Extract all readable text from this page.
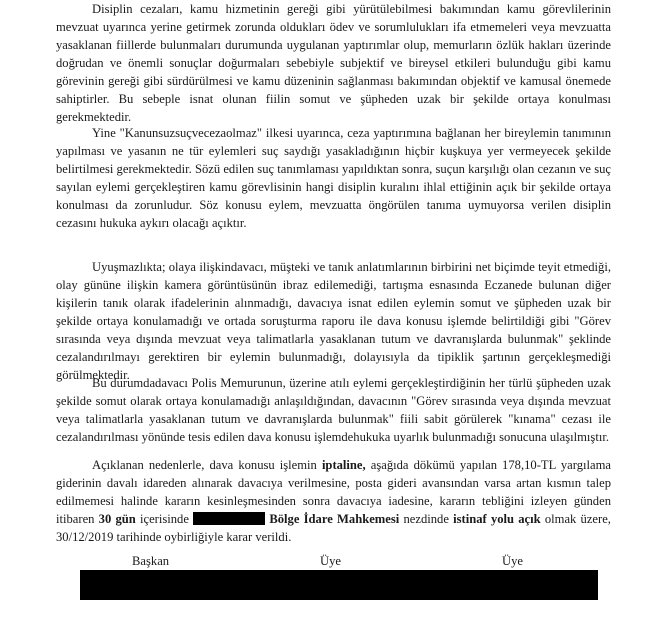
Disiplin cezaları, kamu hizmetinin gereği gibi yürütülebilmesi bakımından kamu görevlilerinin mevzuat uyarınca yerine getirmek zorunda oldukları ödev ve sorumlulukları ifa etmemeleri veya mevzuatta yasaklanan fiillerde bulunmaları durumunda uygulanan yaptırımlar olup, memurların özlük hakları üzerinde doğrudan ve önemli sonuçlar doğurmaları sebebiyle subjektif ve bireysel etkileri bulunduğu gibi kamu görevinin gereği gibi sürdürülmesi ve kamu düzeninin sağlanması bakımından objektif ve kamusal önemede sahiptirler. Bu sebeple isnat olunan fiilin somut ve şüpheden uzak bir şekilde ortaya konulması gerekmektedir.

Yine "Kanunsuzsuçvecezaolmaz" ilkesi uyarınca, ceza yaptırımına bağlanan her bireylemin tanımının yapılması ve yasanın ne tür eylemleri suç saydığı yasakladığının hiçbir kuşkuya yer vermeyecek şekilde belirtilmesi gerekmektedir. Sözü edilen suç tanımlaması yapıldıktan sonra, suçun karşılığı olan cezanın ve suç sayılan eylemi gerçekleştiren kamu görevlisinin hangi disiplin kuralını ihlal ettiğinin açık bir şekilde ortaya konulması da zorunludur. Söz konusu eylem, mevzuatta öngörülen tanıma uymuyorsa verilen disiplin cezasını hukuka aykırı olacağı açıktır.

Uyuşmazlıkta; olaya ilişkindavacı, müşteki ve tanık anlatımlarının birbirini net biçimde teyit etmediği, olay gününe ilişkin kamera görüntüsünün ibraz edilemediği, tartışma esnasında Eczanede bulunan diğer kişilerin tanık olarak ifadelerinin alınmadığı, davacıya isnat edilen eylemin somut ve şüpheden uzak bir şekilde ortaya konulamadığı ve ortada soruşturma raporu ile dava konusu işlemde belirtildiği gibi "Görev sırasında veya dışında mevzuat veya talimatlarla yasaklanan tutum ve davranışlarda bulunmak" şeklinde cezalandırılmayı gerektiren bir eylemin bulunmadığı, dolayısıyla da tipiklik şartının gerçekleşmediği görülmektedir.

Bu durumdadavacı Polis Memurunun, üzerine atılı eylemi gerçekleştirdiğinin her türlü şüpheden uzak şekilde somut olarak ortaya konulamadığı anlaşıldığından, davacının "Görev sırasında veya dışında mevzuat veya talimatlarla yasaklanan tutum ve davranışlarda bulunmak" fiili sabit görülerek "kınama" cezası ile cezalandırılması yönünde tesis edilen dava konusu işlemdehukuka uyarlık bulunmadığı sonucuna ulaşılmıştır.

Açıklanan nedenlerle, dava konusu işlemin iptaline, aşağıda dökümü yapılan 178,10-TL yargılama giderinin davalı idareden alınarak davacıya verilmesine, posta gideri avansından varsa artan kısmın talep edilmemesi halinde kararın kesinleşmesinden sonra davacıya iadesine, kararın tebliğini izleyen günden itibaren 30 gün içerisinde	Bölge İdare Mahkemesi nezdinde istinaf yolu açık olmak üzere, 30/12/2019 tarihinde oybirliğiyle karar verildi.

Başkan	Üye	Üye
